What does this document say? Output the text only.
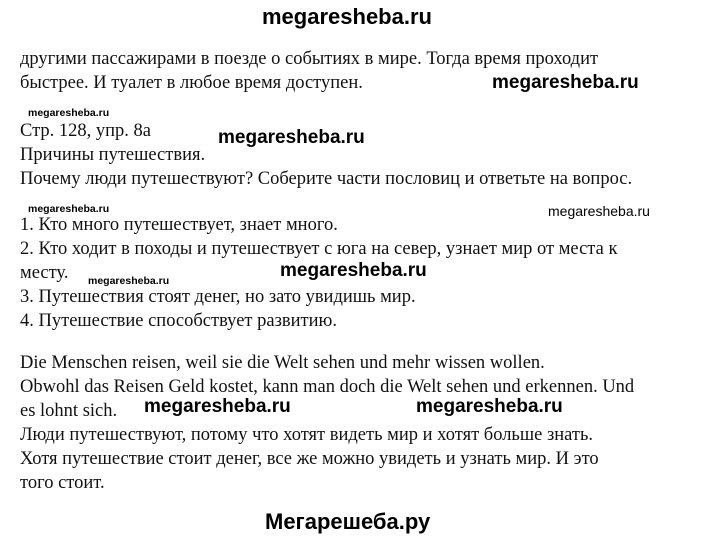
megaresheba.ru
другими пассажирами в поезде о событиях в мире. Тогда время проходит
быстрее. И туалет в любое время доступен.	megaresheba.ru
megaresheba.ru
Стр. 128, упр. 8а	megaresheba.ru
Причины путешествия.
Почему люди путешествуют? Соберите части пословиц и ответьте на вопрос.
megaresheba.ru	megaresheba.ru
1. Кто много путешествует, знает много.
2. Кто ходит в походы и путешествует с юга на север, узнает мир от места к
месту. megaresheba.ru	megaresheba.ru
3. Путешествия стоят денег, но зато увидишь мир.
4. Путешествие способствует развитию.
Die Menschen reisen, weil sie die Welt sehen und mehr wissen wollen.
Obwohl das Reisen Geld kostet, kann man doch die Welt sehen und erkennen. Und
es lohnt sich. megaresheba.ru	megaresheba.ru
Люди путешествуют, потому что хотят видеть мир и хотят больше знать.
Хотя путешествие стоит денег, все же можно увидеть и узнать мир. И это
того стоит.
Мегарешеба.ру
